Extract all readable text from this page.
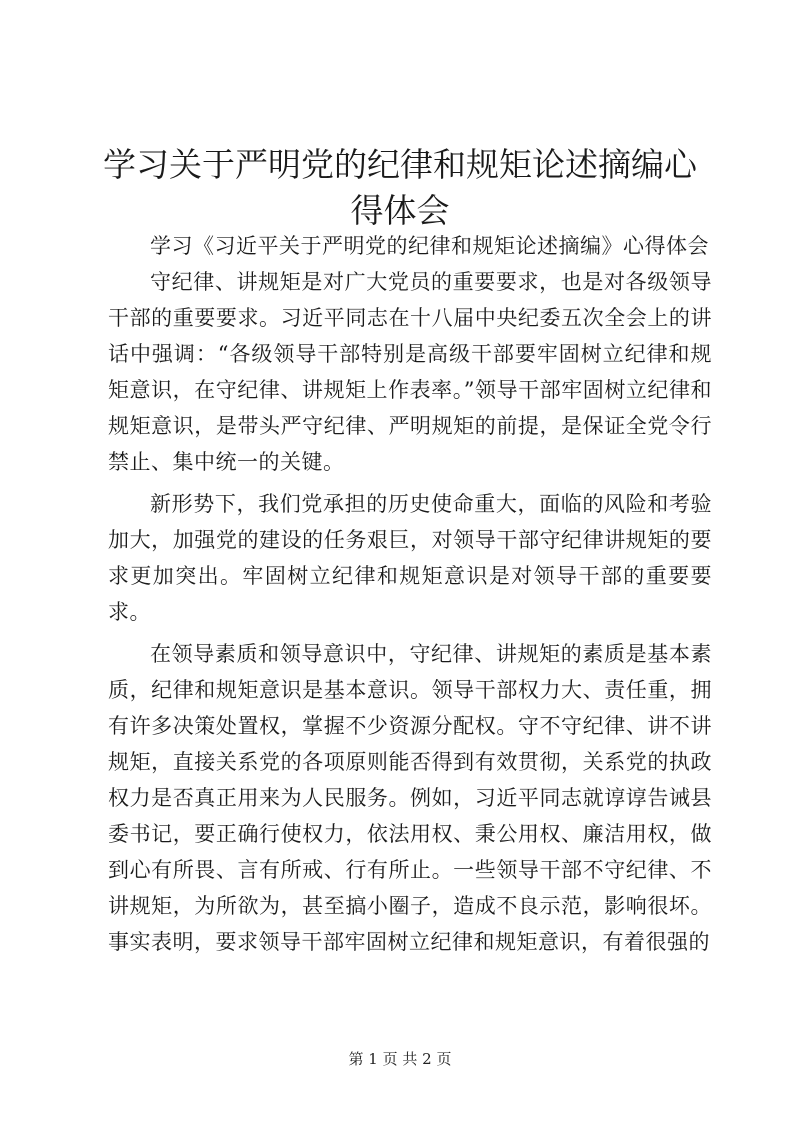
学习关于严明党的纪律和规矩论述摘编心得体会

学习《习近平关于严明党的纪律和规矩论述摘编》心得体会

守纪律、讲规矩是对广大党员的重要要求，也是对各级领导干部的重要要求。习近平同志在十八届中央纪委五次全会上的讲话中强调：“各级领导干部特别是高级干部要牢固树立纪律和规矩意识，在守纪律、讲规矩上作表率。”领导干部牢固树立纪律和规矩意识，是带头严守纪律、严明规矩的前提，是保证全党令行禁止、集中统一的关键。

新形势下，我们党承担的历史使命重大，面临的风险和考验加大，加强党的建设的任务艰巨，对领导干部守纪律讲规矩的要求更加突出。牢固树立纪律和规矩意识是对领导干部的重要要求。

在领导素质和领导意识中，守纪律、讲规矩的素质是基本素质，纪律和规矩意识是基本意识。领导干部权力大、责任重，拥有许多决策处置权，掌握不少资源分配权。守不守纪律、讲不讲规矩，直接关系党的各项原则能否得到有效贯彻，关系党的执政权力是否真正用来为人民服务。例如，习近平同志就谆谆告诫县委书记，要正确行使权力，依法用权、秉公用权、廉洁用权，做到心有所畏、言有所戒、行有所止。一些领导干部不守纪律、不讲规矩，为所欲为，甚至搞小圈子，造成不良示范，影响很坏。事实表明，要求领导干部牢固树立纪律和规矩意识，有着很强的

第 1 页 共 2 页
